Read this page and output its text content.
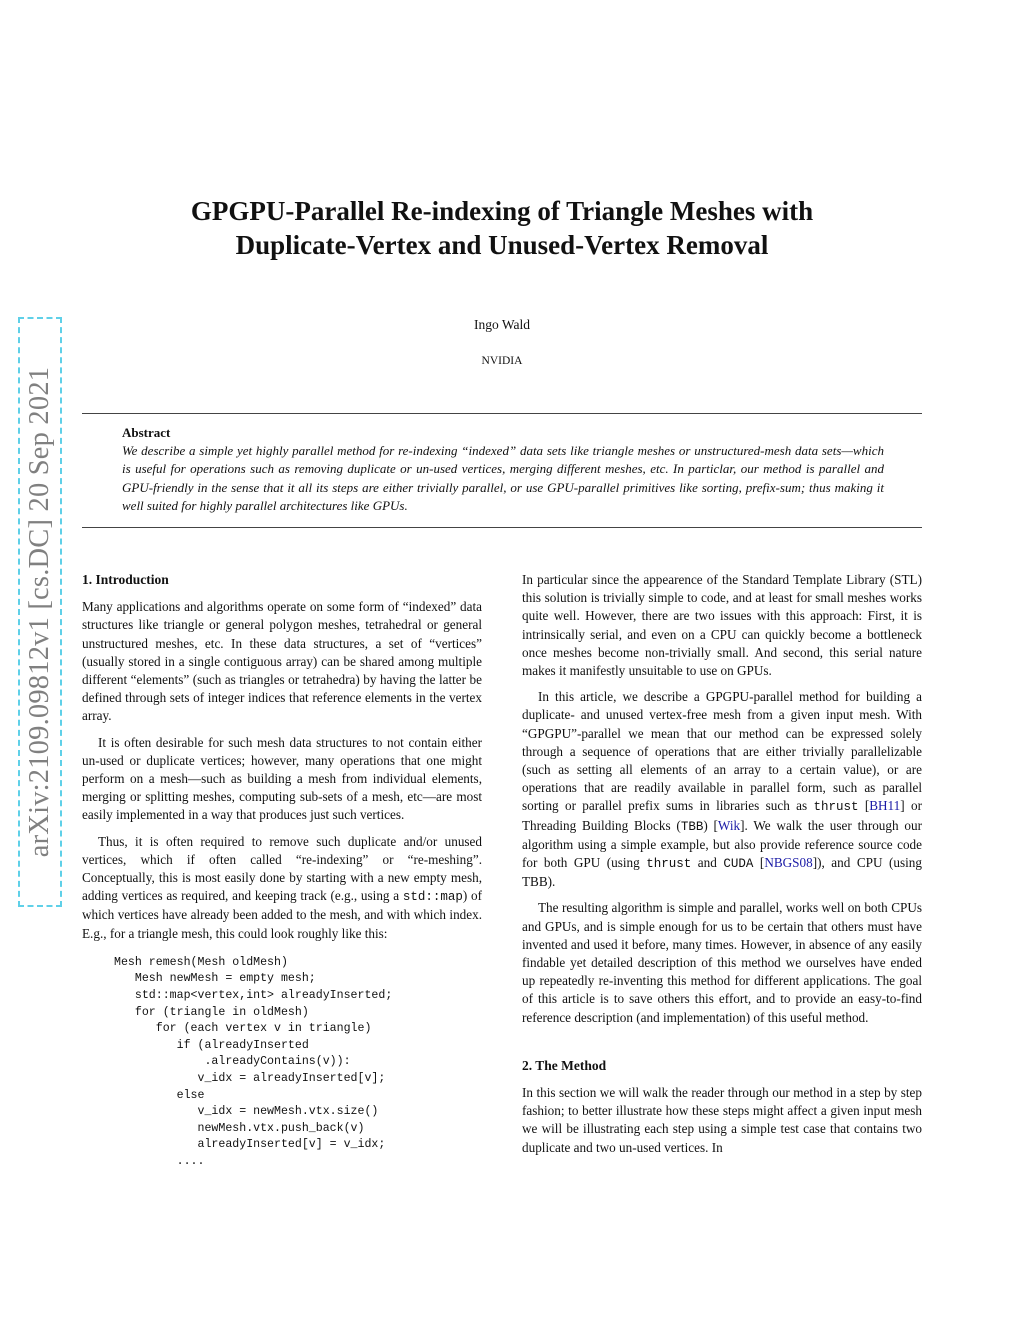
arXiv:2109.09812v1 [cs.DC] 20 Sep 2021
GPGPU-Parallel Re-indexing of Triangle Meshes with
Duplicate-Vertex and Unused-Vertex Removal
Ingo Wald
NVIDIA
Abstract
We describe a simple yet highly parallel method for re-indexing “indexed” data sets like triangle meshes or unstructured-mesh data sets—which is useful for operations such as removing duplicate or un-used vertices, merging different meshes, etc. In particlar, our method is parallel and GPU-friendly in the sense that it all its steps are either trivially parallel, or use GPU-parallel primitives like sorting, prefix-sum; thus making it well suited for highly parallel architectures like GPUs.
1. Introduction

Many applications and algorithms operate on some form of “indexed” data structures like triangle or general polygon meshes, tetrahedral or general unstructured meshes, etc. In these data structures, a set of “vertices” (usually stored in a single contiguous array) can be shared among multiple different “elements” (such as triangles or tetrahedra) by having the latter be defined through sets of integer indices that reference elements in the vertex array.

It is often desirable for such mesh data structures to not contain either un-used or duplicate vertices; however, many operations that one might perform on a mesh—such as building a mesh from individual elements, merging or splitting meshes, computing sub-sets of a mesh, etc—are most easily implemented in a way that produces just such vertices.

Thus, it is often required to remove such duplicate and/or unused vertices, which if often called “re-indexing” or “re-meshing”. Conceptually, this is most easily done by starting with a new empty mesh, adding vertices as required, and keeping track (e.g., using a std::map) of which vertices have already been added to the mesh, and with which index. E.g., for a triangle mesh, this could look roughly like this:

Mesh remesh(Mesh oldMesh)
Mesh newMesh = empty mesh;
std::map<vertex,int> alreadyInserted;
for (triangle in oldMesh)
for (each vertex v in triangle)
if (alreadyInserted
.alreadyContains(v)):
v_idx = alreadyInserted[v];
else
v_idx = newMesh.vtx.size()
newMesh.vtx.push_back(v)
alreadyInserted[v] = v_idx;
....

In particular since the appearence of the Standard Template Library (STL) this solution is trivially simple to code, and at least for small meshes works quite well. However, there are two issues with this approach: First, it is intrinsically serial, and even on a CPU can quickly become a bottleneck once meshes become non-trivially small. And second, this serial nature makes it manifestly unsuitable to use on GPUs.

In this article, we describe a GPGPU-parallel method for building a duplicate- and unused vertex-free mesh from a given input mesh. With “GPGPU”-parallel we mean that our method can be expressed solely through a sequence of operations that are either trivially parallelizable (such as setting all elements of an array to a certain value), or are operations that are readily available in parallel form, such as parallel sorting or parallel prefix sums in libraries such as thrust [BH11] or Threading Building Blocks (TBB) [Wik]. We walk the user through our algorithm using a simple example, but also provide reference source code for both GPU (using thrust and CUDA [NBGS08]), and CPU (using TBB).

The resulting algorithm is simple and parallel, works well on both CPUs and GPUs, and is simple enough for us to be certain that others must have invented and used it before, many times. However, in absence of any easily findable yet detailed description of this method we ourselves have ended up repeatedly re-inventing this method for different applications. The goal of this article is to save others this effort, and to provide an easy-to-find reference description (and implementation) of this useful method.

2. The Method

In this section we will walk the reader through our method in a step by step fashion; to better illustrate how these steps might affect a given input mesh we will be illustrating each step using a simple test case that contains two duplicate and two un-used vertices. In
